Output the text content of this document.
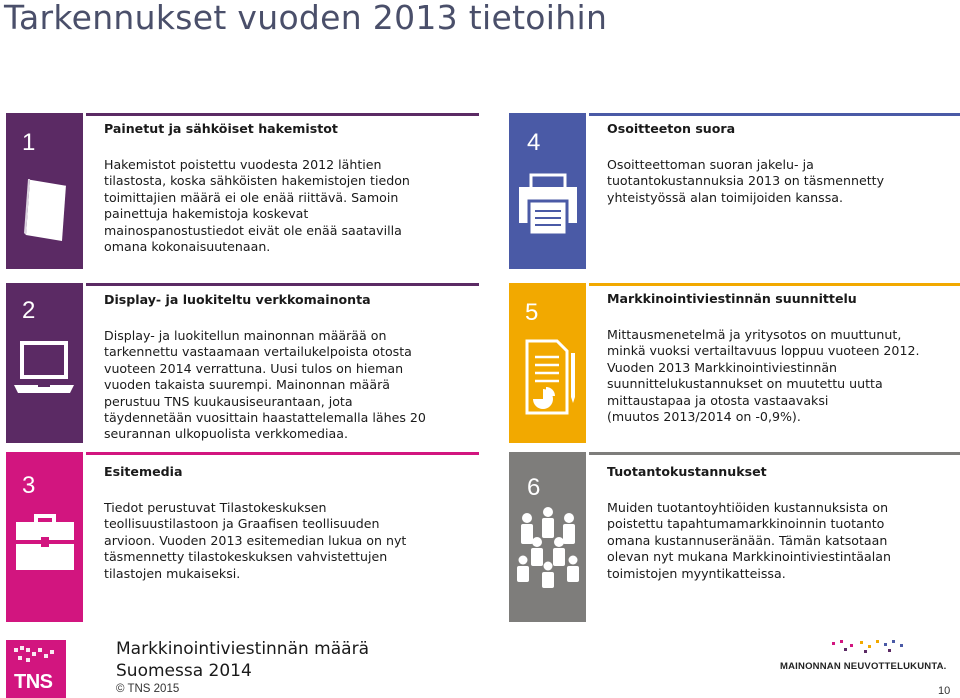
Tarkennukset vuoden 2013 tietoihin
1
Painetut ja sähköiset hakemistot
Hakemistot poistettu vuodesta 2012 lähtien
tilastosta, koska sähköisten hakemistojen tiedon
toimittajien määrä ei ole enää riittävä. Samoin
painettuja hakemistoja koskevat
mainospanostustiedot eivät ole enää saatavilla
omana kokonaisuutenaan.
4
Osoitteeton suora
Osoitteettoman suoran jakelu- ja
tuotantokustannuksia 2013 on täsmennetty
yhteistyössä alan toimijoiden kanssa.
2	Display- ja luokiteltu verkkomainonta
Display- ja luokitellun mainonnan määrää on
tarkennettu vastaamaan vertailukelpoista otosta
vuoteen 2014 verrattuna. Uusi tulos on hieman
vuoden takaista suurempi. Mainonnan määrä
perustuu TNS kuukausiseurantaan, jota
täydennetään vuosittain haastattelemalla lähes 20
seurannan ulkopuolista verkkomediaa.
5
Markkinointiviestinnän suunnittelu
Mittausmenetelmä ja yritysotos on muuttunut,
minkä vuoksi vertailtavuus loppuu vuoteen 2012.
Vuoden 2013 Markkinointiviestinnän
suunnittelukustannukset on muutettu uutta
mittaustapaa ja otosta vastaavaksi
(muutos 2013/2014 on -0,9%).
3
Esitemedia
Tiedot perustuvat Tilastokeskuksen
teollisuustilastoon ja Graafisen teollisuuden
arvioon. Vuoden 2013 esitemedian lukua on nyt
täsmennetty tilastokeskuksen vahvistettujen
tilastojen mukaiseksi.
6
Tuotantokustannukset
Muiden tuotantoyhtiöiden kustannuksista on
poistettu tapahtumamarkkinoinnin tuotanto
omana kustannuseränään. Tämän katsotaan
olevan nyt mukana Markkinointiviestintäalan
toimistojen myyntikatteissa.
TNS
Markkinointiviestinnän määrä
Suomessa 2014
© TNS 2015
MAINONNAN NEUVOTTELUKUNTA.
10
